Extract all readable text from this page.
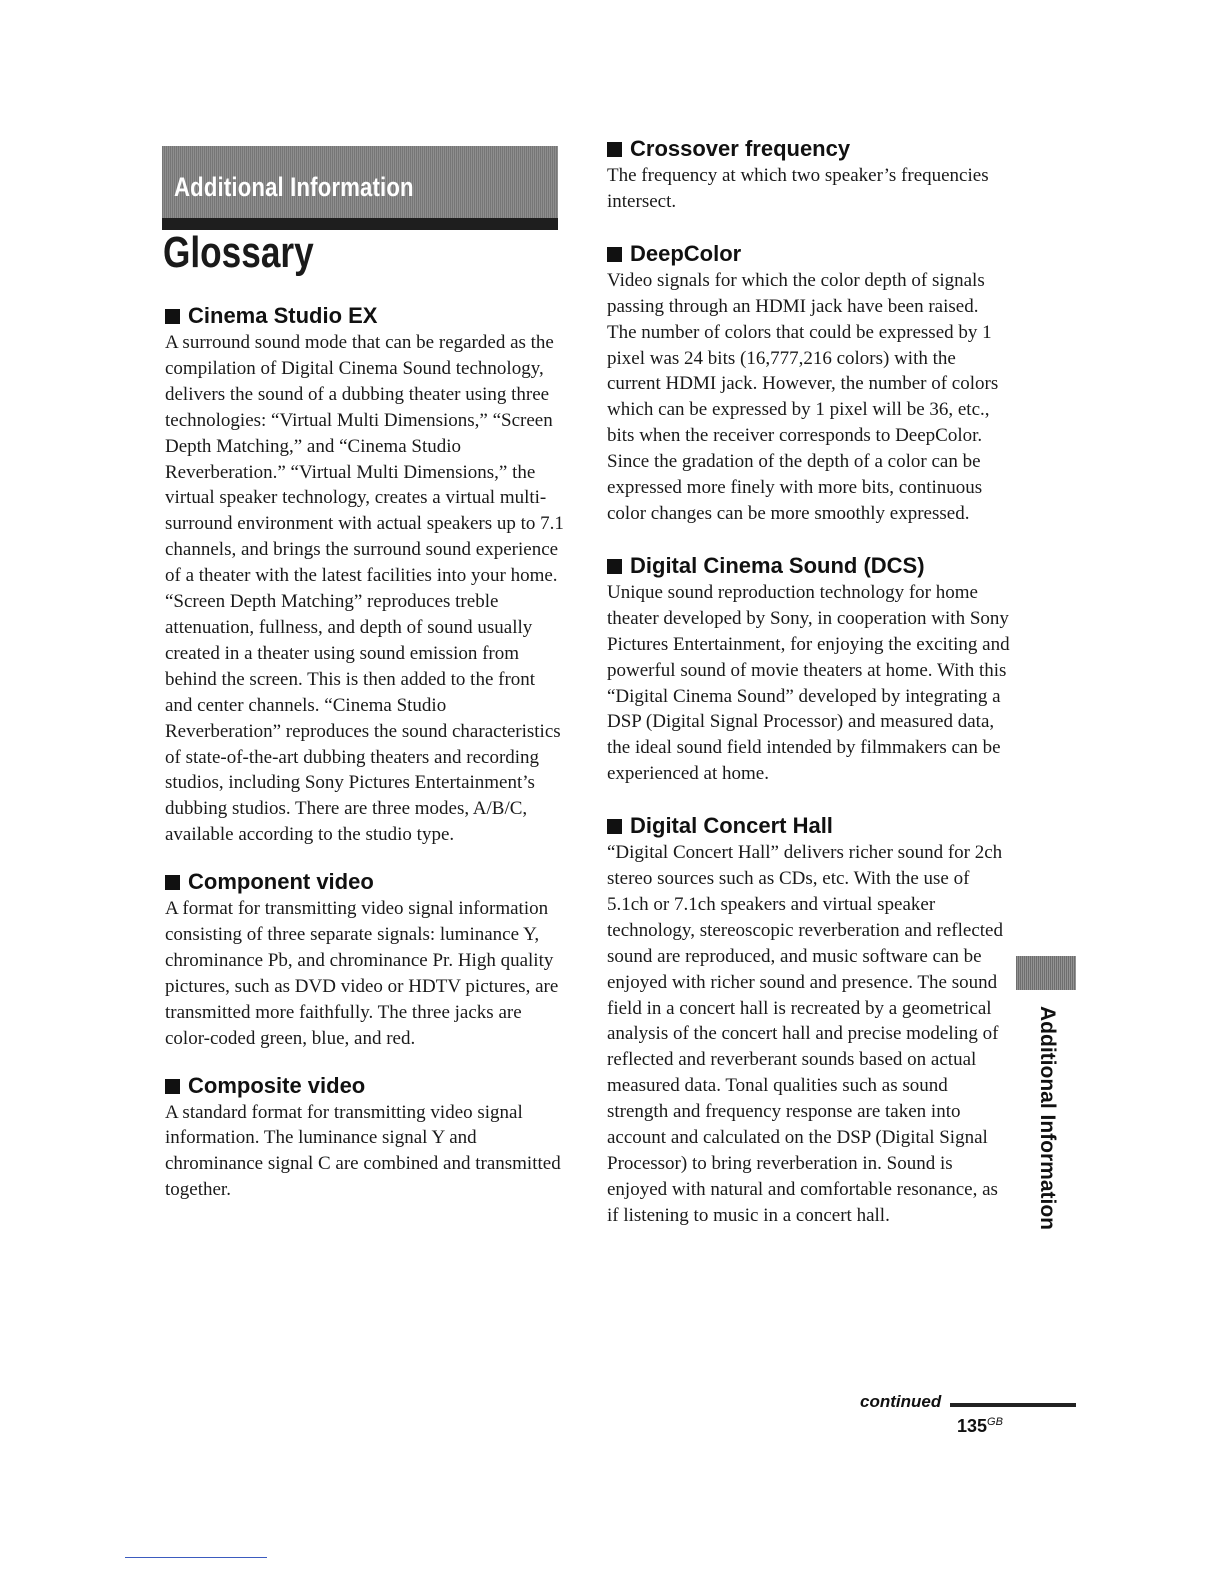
Additional Information
Glossary
Cinema Studio EX

A surround sound mode that can be regarded as the compilation of Digital Cinema Sound technology, delivers the sound of a dubbing theater using three technologies: “Virtual Multi Dimensions,” “Screen Depth Matching,” and “Cinema Studio Reverberation.” “Virtual Multi Dimensions,” the virtual speaker technology, creates a virtual multi-surround environment with actual speakers up to 7.1 channels, and brings the surround sound experience of a theater with the latest facilities into your home. “Screen Depth Matching” reproduces treble attenuation, fullness, and depth of sound usually created in a theater using sound emission from behind the screen. This is then added to the front and center channels. “Cinema Studio Reverberation” reproduces the sound characteristics of state-of-the-art dubbing theaters and recording studios, including Sony Pictures Entertainment’s dubbing studios. There are three modes, A/B/C, available according to the studio type.

Component video

A format for transmitting video signal information consisting of three separate signals: luminance Y, chrominance Pb, and chrominance Pr. High quality pictures, such as DVD video or HDTV pictures, are transmitted more faithfully. The three jacks are color-coded green, blue, and red.

Composite video

A standard format for transmitting video signal information. The luminance signal Y and chrominance signal C are combined and transmitted together.

Crossover frequency

The frequency at which two speaker’s frequencies intersect.

DeepColor

Video signals for which the color depth of signals passing through an HDMI jack have been raised. The number of colors that could be expressed by 1 pixel was 24 bits (16,777,216 colors) with the current HDMI jack. However, the number of colors which can be expressed by 1 pixel will be 36, etc., bits when the receiver corresponds to DeepColor. Since the gradation of the depth of a color can be expressed more finely with more bits, continuous color changes can be more smoothly expressed.

Digital Cinema Sound (DCS)

Unique sound reproduction technology for home theater developed by Sony, in cooperation with Sony Pictures Entertainment, for enjoying the exciting and powerful sound of movie theaters at home. With this “Digital Cinema Sound” developed by integrating a DSP (Digital Signal Processor) and measured data, the ideal sound field intended by filmmakers can be experienced at home.

Digital Concert Hall

“Digital Concert Hall” delivers richer sound for 2ch stereo sources such as CDs, etc. With the use of 5.1ch or 7.1ch speakers and virtual speaker technology, stereoscopic reverberation and reflected sound are reproduced, and music software can be enjoyed with richer sound and presence. The sound field in a concert hall is recreated by a geometrical analysis of the concert hall and precise modeling of reflected and reverberant sounds based on actual measured data. Tonal qualities such as sound strength and frequency response are taken into account and calculated on the DSP (Digital Signal Processor) to bring reverberation in. Sound is enjoyed with natural and comfortable resonance, as if listening to music in a concert hall.	Additional Information
continued
$135^{GB}$
